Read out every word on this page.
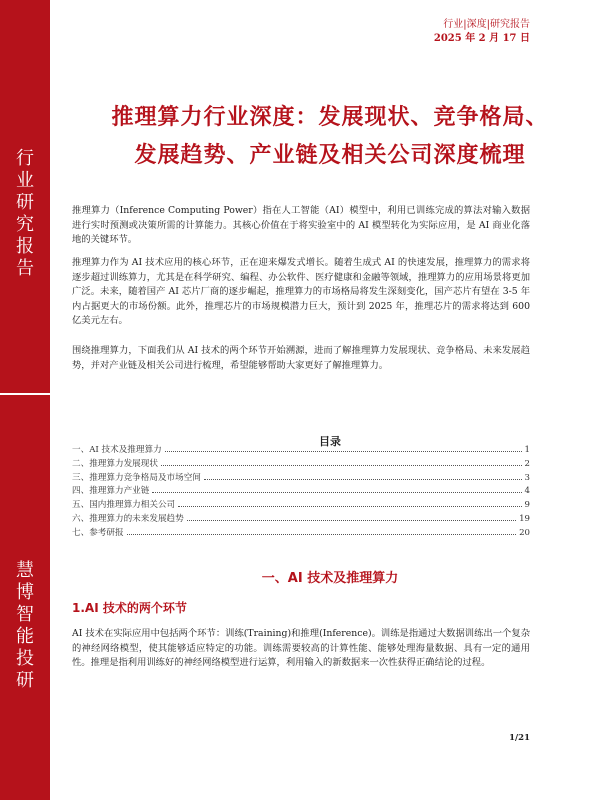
行业研究报告
慧博智能投研
行业|深度|研究报告
2025 年 2 月 17 日
推理算力行业深度：发展现状、竞争格局、
发展趋势、产业链及相关公司深度梳理

推理算力（Inference Computing Power）指在人工智能（AI）模型中，利用已训练完成的算法对输入数据进行实时预测或决策所需的计算能力。其核心价值在于将实验室中的 AI 模型转化为实际应用，是 AI 商业化落地的关键环节。

推理算力作为 AI 技术应用的核心环节，正在迎来爆发式增长。随着生成式 AI 的快速发展，推理算力的需求将逐步超过训练算力，尤其是在科学研究、编程、办公软件、医疗健康和金融等领域，推理算力的应用场景将更加广泛。未来，随着国产 AI 芯片厂商的逐步崛起，推理算力的市场格局将发生深刻变化，国产芯片有望在 3-5 年内占据更大的市场份额。此外，推理芯片的市场规模潜力巨大，预计到 2025 年，推理芯片的需求将达到 600 亿美元左右。

围绕推理算力，下面我们从 AI 技术的两个环节开始溯源，进而了解推理算力发展现状、竞争格局、未来发展趋势，并对产业链及相关公司进行梳理，希望能够帮助大家更好了解推理算力。

目录
一、AI 技术及推理算力	1
二、推理算力发展现状	2
三、推理算力竞争格局及市场空间	3
四、推理算力产业链	4
五、国内推理算力相关公司	9
六、推理算力的未来发展趋势	19
七、参考研报	20
一、AI 技术及推理算力
1.AI 技术的两个环节

AI 技术在实际应用中包括两个环节：训练(Training)和推理(Inference)。训练是指通过大数据训练出一个复杂的神经网络模型，使其能够适应特定的功能。训练需要较高的计算性能、能够处理海量数据、具有一定的通用性。推理是指利用训练好的神经网络模型进行运算，利用输入的新数据来一次性获得正确结论的过程。

1/21
